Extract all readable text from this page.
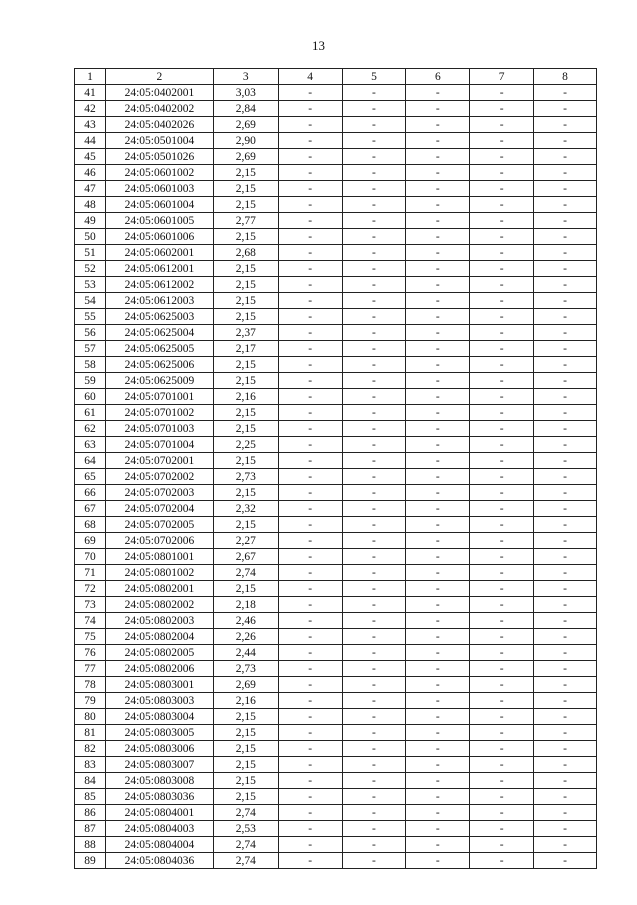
13
1	2	3	4	5	6	7	8
41	24:05:0402001	3,03	-	-	-	-	-
42	24:05:0402002	2,84	-	-	-	-	-
43	24:05:0402026	2,69	-	-	-	-	-
44	24:05:0501004	2,90	-	-	-	-	-
45	24:05:0501026	2,69	-	-	-	-	-
46	24:05:0601002	2,15	-	-	-	-	-
47	24:05:0601003	2,15	-	-	-	-	-
48	24:05:0601004	2,15	-	-	-	-	-
49	24:05:0601005	2,77	-	-	-	-	-
50	24:05:0601006	2,15	-	-	-	-	-
51	24:05:0602001	2,68	-	-	-	-	-
52	24:05:0612001	2,15	-	-	-	-	-
53	24:05:0612002	2,15	-	-	-	-	-
54	24:05:0612003	2,15	-	-	-	-	-
55	24:05:0625003	2,15	-	-	-	-	-
56	24:05:0625004	2,37	-	-	-	-	-
57	24:05:0625005	2,17	-	-	-	-	-
58	24:05:0625006	2,15	-	-	-	-	-
59	24:05:0625009	2,15	-	-	-	-	-
60	24:05:0701001	2,16	-	-	-	-	-
61	24:05:0701002	2,15	-	-	-	-	-
62	24:05:0701003	2,15	-	-	-	-	-
63	24:05:0701004	2,25	-	-	-	-	-
64	24:05:0702001	2,15	-	-	-	-	-
65	24:05:0702002	2,73	-	-	-	-	-
66	24:05:0702003	2,15	-	-	-	-	-
67	24:05:0702004	2,32	-	-	-	-	-
68	24:05:0702005	2,15	-	-	-	-	-
69	24:05:0702006	2,27	-	-	-	-	-
70	24:05:0801001	2,67	-	-	-	-	-
71	24:05:0801002	2,74	-	-	-	-	-
72	24:05:0802001	2,15	-	-	-	-	-
73	24:05:0802002	2,18	-	-	-	-	-
74	24:05:0802003	2,46	-	-	-	-	-
75	24:05:0802004	2,26	-	-	-	-	-
76	24:05:0802005	2,44	-	-	-	-	-
77	24:05:0802006	2,73	-	-	-	-	-
78	24:05:0803001	2,69	-	-	-	-	-
79	24:05:0803003	2,16	-	-	-	-	-
80	24:05:0803004	2,15	-	-	-	-	-
81	24:05:0803005	2,15	-	-	-	-	-
82	24:05:0803006	2,15	-	-	-	-	-
83	24:05:0803007	2,15	-	-	-	-	-
84	24:05:0803008	2,15	-	-	-	-	-
85	24:05:0803036	2,15	-	-	-	-	-
86	24:05:0804001	2,74	-	-	-	-	-
87	24:05:0804003	2,53	-	-	-	-	-
88	24:05:0804004	2,74	-	-	-	-	-
89	24:05:0804036	2,74	-	-	-	-	-
